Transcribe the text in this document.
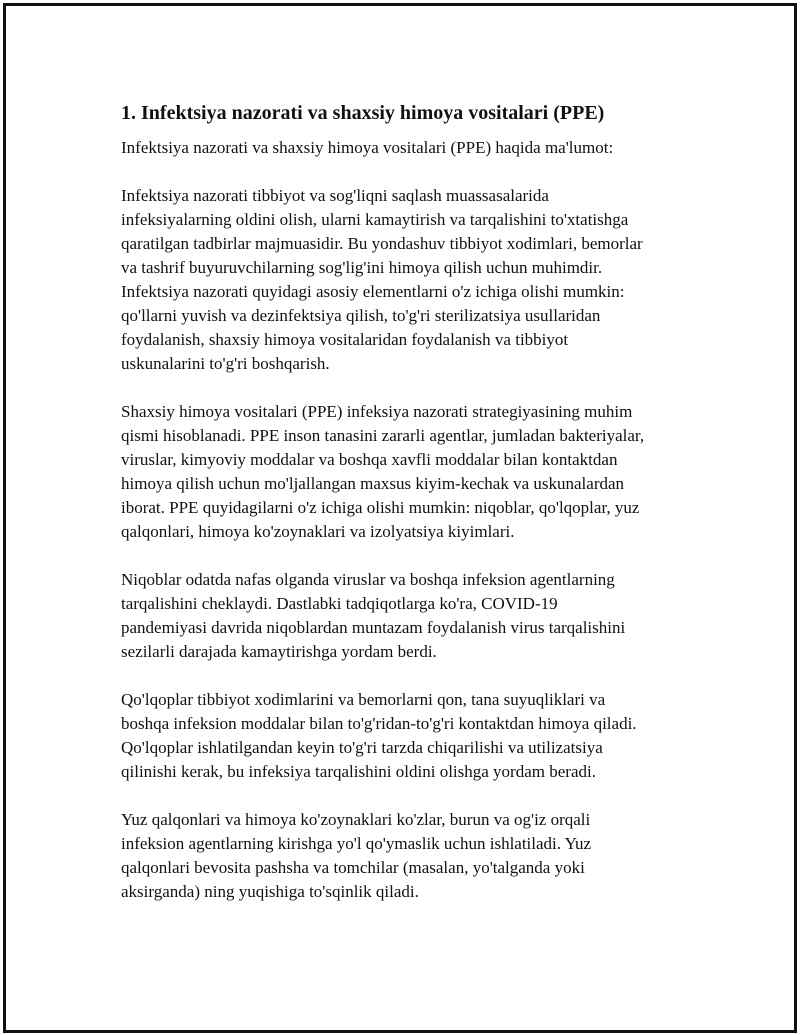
1. Infektsiya nazorati va shaxsiy himoya vositalari (PPE)

Infektsiya nazorati va shaxsiy himoya vositalari (PPE) haqida ma'lumot:

Infektsiya nazorati tibbiyot va sog'liqni saqlash muassasalarida
infeksiyalarning oldini olish, ularni kamaytirish va tarqalishini to'xtatishga
qaratilgan tadbirlar majmuasidir. Bu yondashuv tibbiyot xodimlari, bemorlar
va tashrif buyuruvchilarning sog'lig'ini himoya qilish uchun muhimdir.
Infektsiya nazorati quyidagi asosiy elementlarni o'z ichiga olishi mumkin:
qo'llarni yuvish va dezinfektsiya qilish, to'g'ri sterilizatsiya usullaridan
foydalanish, shaxsiy himoya vositalaridan foydalanish va tibbiyot
uskunalarini to'g'ri boshqarish.
Shaxsiy himoya vositalari (PPE) infeksiya nazorati strategiyasining muhim
qismi hisoblanadi. PPE inson tanasini zararli agentlar, jumladan bakteriyalar,
viruslar, kimyoviy moddalar va boshqa xavfli moddalar bilan kontaktdan
himoya qilish uchun mo'ljallangan maxsus kiyim-kechak va uskunalardan
iborat. PPE quyidagilarni o'z ichiga olishi mumkin: niqoblar, qo'lqoplar, yuz
qalqonlari, himoya ko'zoynaklari va izolyatsiya kiyimlari.
Niqoblar odatda nafas olganda viruslar va boshqa infeksion agentlarning
tarqalishini cheklaydi. Dastlabki tadqiqotlarga ko'ra, COVID-19
pandemiyasi davrida niqoblardan muntazam foydalanish virus tarqalishini
sezilarli darajada kamaytirishga yordam berdi.
Qo'lqoplar tibbiyot xodimlarini va bemorlarni qon, tana suyuqliklari va
boshqa infeksion moddalar bilan to'g'ridan-to'g'ri kontaktdan himoya qiladi.
Qo'lqoplar ishlatilgandan keyin to'g'ri tarzda chiqarilishi va utilizatsiya
qilinishi kerak, bu infeksiya tarqalishini oldini olishga yordam beradi.
Yuz qalqonlari va himoya ko'zoynaklari ko'zlar, burun va og'iz orqali
infeksion agentlarning kirishga yo'l qo'ymaslik uchun ishlatiladi. Yuz
qalqonlari bevosita pashsha va tomchilar (masalan, yo'talganda yoki
aksirganda) ning yuqishiga to'sqinlik qiladi.
